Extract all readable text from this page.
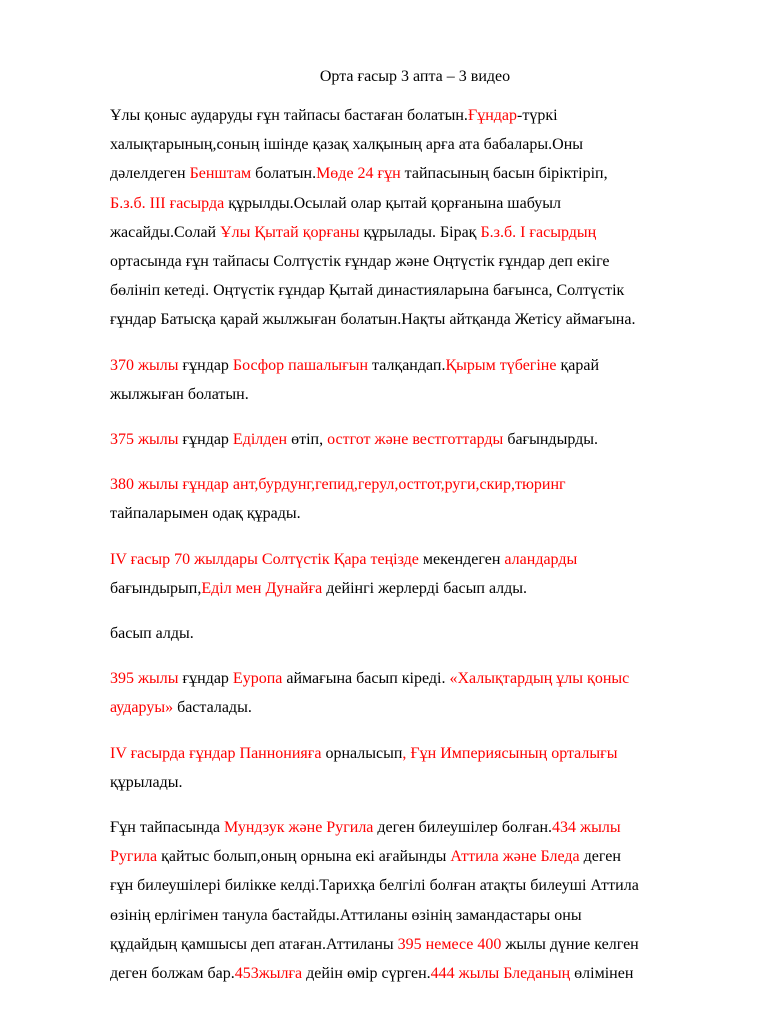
Орта ғасыр 3 апта – 3 видео
Ұлы қоныс аударуды ғұн тайпасы бастаған болатын.Ғұндар-түркі
халықтарының,соның ішінде қазақ халқының арға ата бабалары.Оны
дәлелдеген Бенштам болатын.Мөде 24 ғұн тайпасының басын біріктіріп,
Б.з.б. ІІІ ғасырда құрылды.Осылай олар қытай қорғанына шабуыл
жасайды.Солай Ұлы Қытай қорғаны құрылады. Бірақ Б.з.б. І ғасырдың
ортасында ғұн тайпасы Солтүстік ғұндар және Оңтүстік ғұндар деп екіге
бөлініп кетеді. Оңтүстік ғұндар Қытай династияларына бағынса, Солтүстік
ғұндар Батысқа қарай жылжыған болатын.Нақты айтқанда Жетісу аймағына.
370 жылы ғұндар Босфор пашалығын талқандап.Қырым түбегіне қарай
жылжыған болатын.
375 жылы ғұндар Еділден өтіп, остгот және вестготтарды бағындырды.
380 жылы ғұндар ант,бурдунг,гепид,герул,остгот,руги,скир,тюринг
тайпаларымен одақ құрады.
IV ғасыр 70 жылдары Солтүстік Қара теңізде мекендеген аландарды
бағындырып,Еділ мен Дунайға дейінгі жерлерді басып алды.
басып алды.
395 жылы ғұндар Еуропа аймағына басып кіреді. «Халықтардың ұлы қоныс
аударуы» басталады.
IV ғасырда ғұндар Паннонияға орналысып, Ғұн Империясының орталығы
құрылады.
Ғұн тайпасында Мундзук және Ругила деген билеушілер болған.434 жылы
Ругила қайтыс болып,оның орнына екі ағайынды Аттила және Бледа деген
ғұн билеушілері билікке келді.Тарихқа белгілі болған атақты билеуші Аттила
өзінің ерлігімен танула бастайды.Аттиланы өзінің замандастары оны
құдайдың қамшысы деп атаған.Аттиланы 395 немесе 400 жылы дүние келген
деген болжам бар.453жылға дейін өмір сүрген.444 жылы Бледаның өлімінен
